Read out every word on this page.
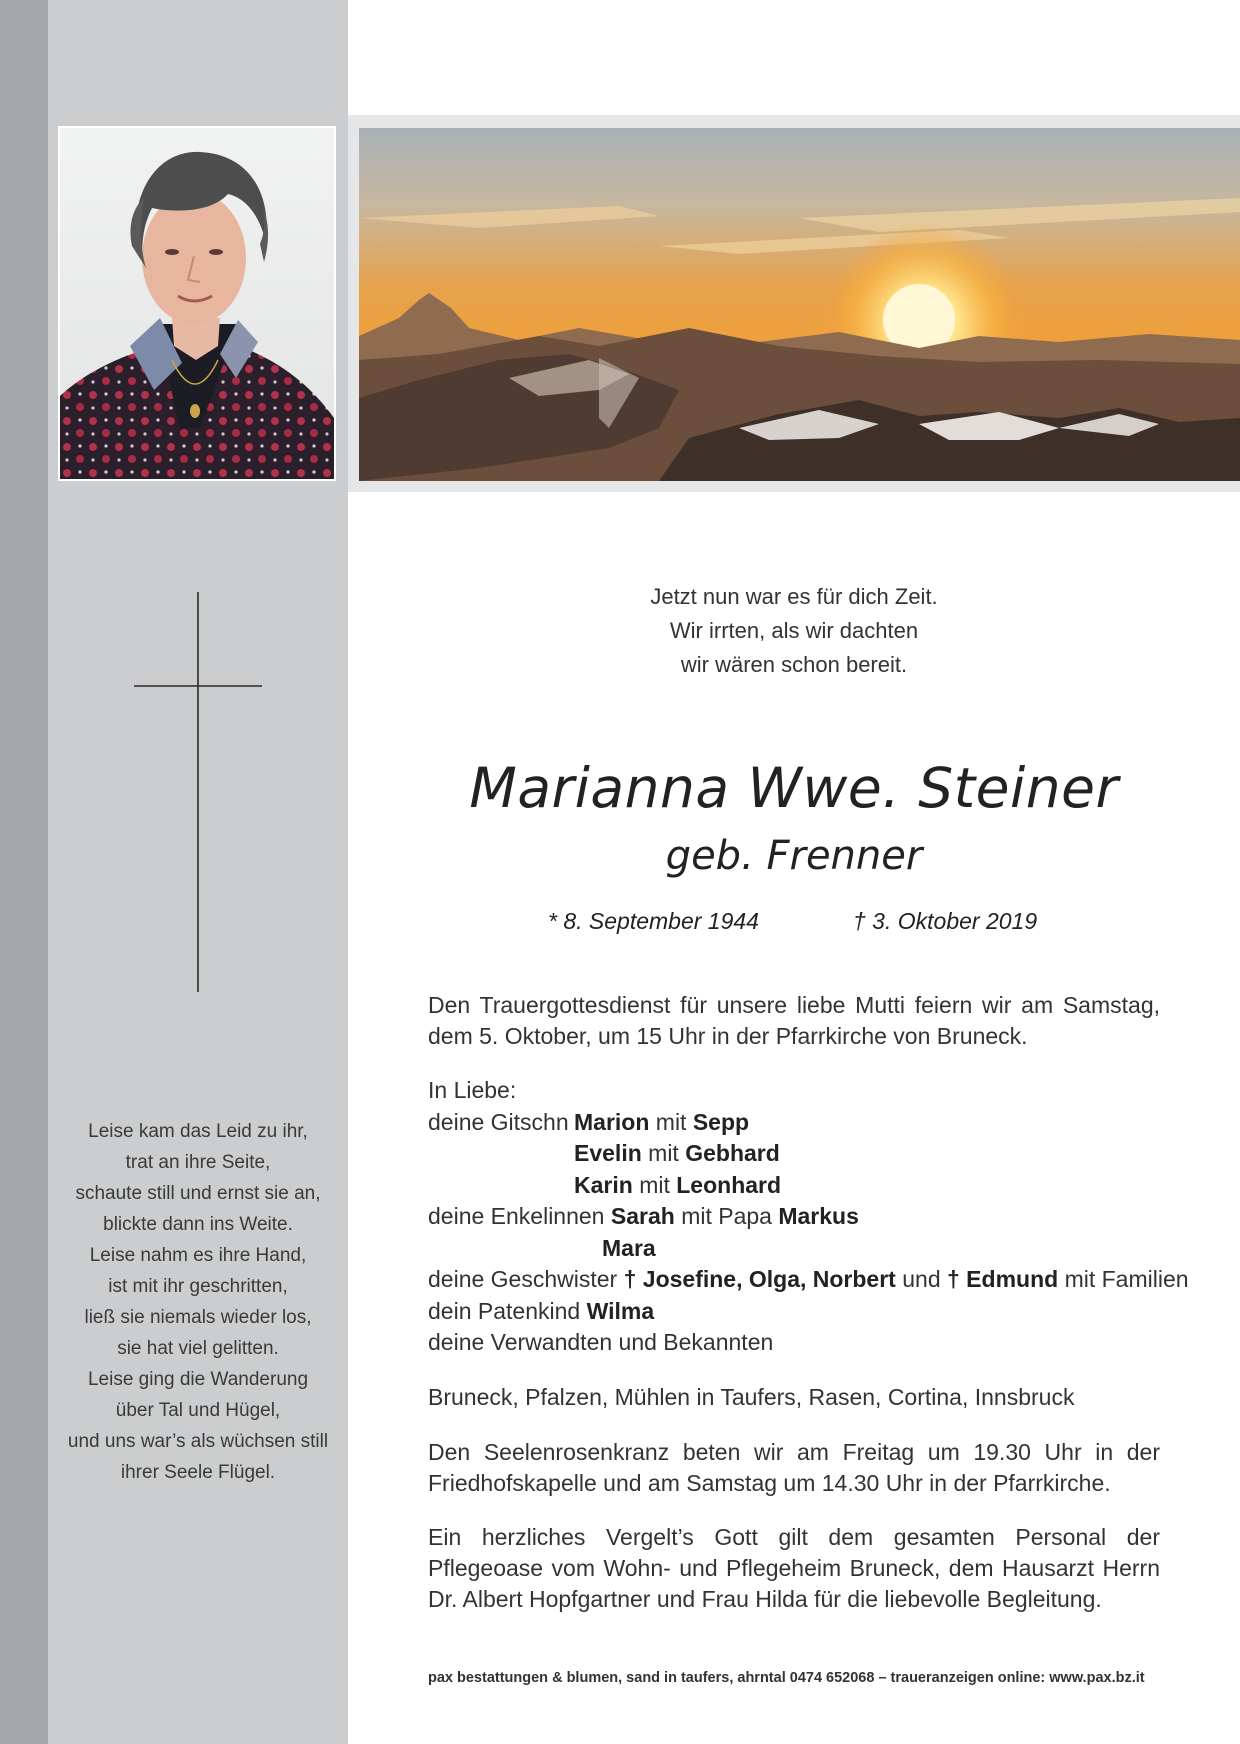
Leise kam das Leid zu ihr,
trat an ihre Seite,
schaute still und ernst sie an,
blickte dann ins Weite.
Leise nahm es ihre Hand,
ist mit ihr geschritten,
ließ sie niemals wieder los,
sie hat viel gelitten.
Leise ging die Wanderung
über Tal und Hügel,
und uns war’s als wüchsen still
ihrer Seele Flügel.
Jetzt nun war es für dich Zeit.
Wir irrten, als wir dachten
wir wären schon bereit.
Marianna Wwe. Steiner
geb. Frenner
* 8. September 1944	† 3. Oktober 2019
Den Trauergottesdienst für unsere liebe Mutti feiern wir am Samstag, dem 5. Oktober, um 15 Uhr in der Pfarrkirche von Bruneck.
In Liebe:
deine Gitschn Marion mit Sepp
Evelin mit Gebhard
Karin mit Leonhard
deine Enkelinnen Sarah mit Papa Markus
Mara
deine Geschwister † Josefine, Olga, Norbert und † Edmund mit Familien
dein Patenkind Wilma
deine Verwandten und Bekannten
Bruneck, Pfalzen, Mühlen in Taufers, Rasen, Cortina, Innsbruck
Den Seelenrosenkranz beten wir am Freitag um 19.30 Uhr in der Friedhofskapelle und am Samstag um 14.30 Uhr in der Pfarrkirche.
Ein herzliches Vergelt’s Gott gilt dem gesamten Personal der Pflegeoase vom Wohn- und Pflegeheim Bruneck, dem Hausarzt Herrn Dr. Albert Hopfgartner und Frau Hilda für die liebevolle Begleitung.
pax bestattungen & blumen, sand in taufers, ahrntal 0474 652068 – traueranzeigen online: www.pax.bz.it
